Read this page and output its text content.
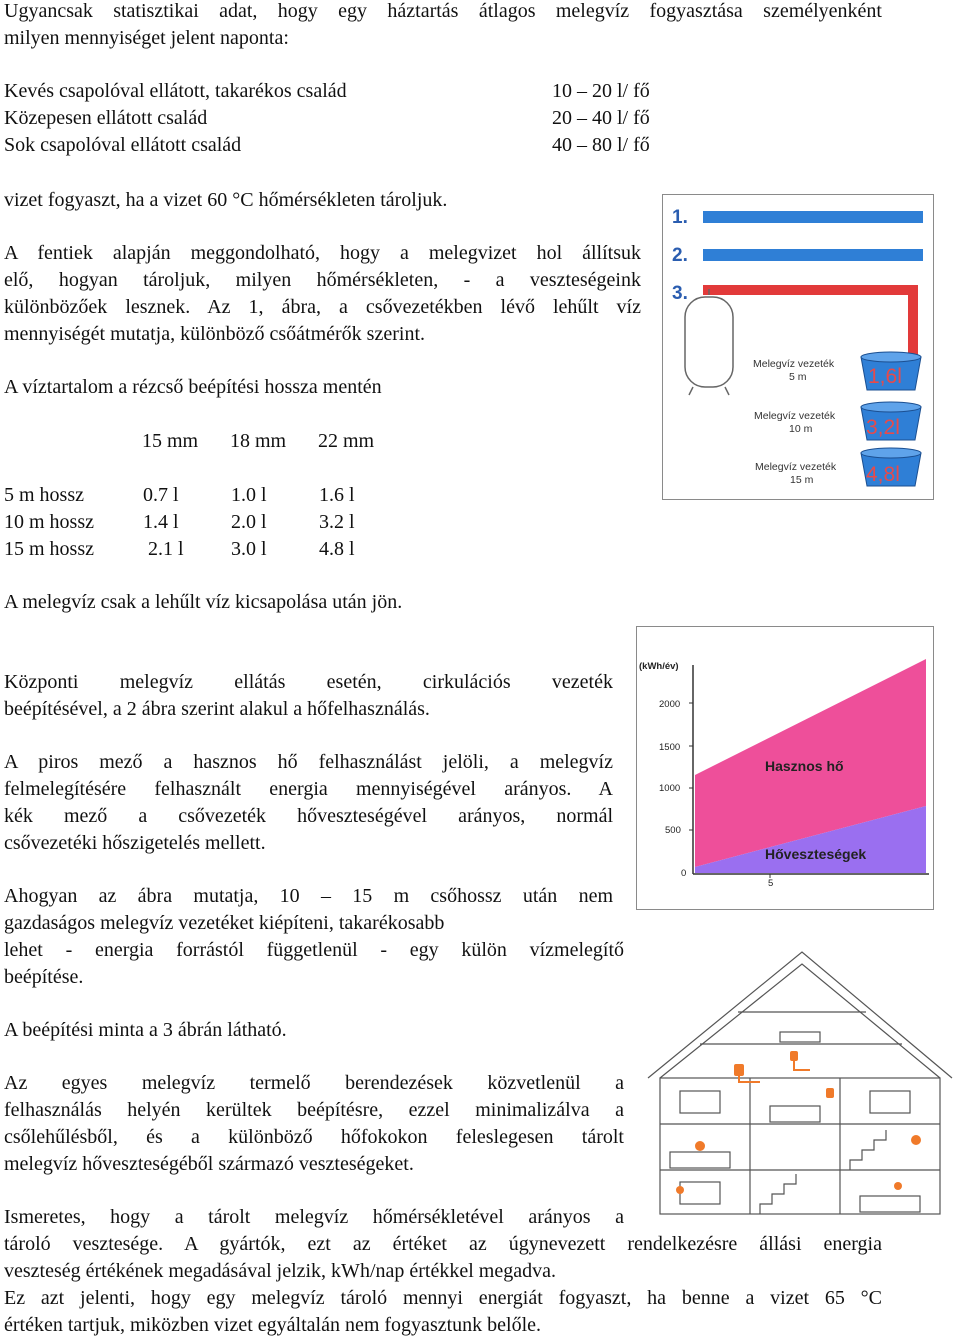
Ugyancsak statisztikai adat, hogy egy háztartás átlagos melegvíz fogyasztása személyenként
milyen mennyiséget jelent naponta:
Kevés csapolóval ellátott, takarékos család	10 – 20 l/ fő
Közepesen ellátott család	20 – 40 l/ fő
Sok csapolóval ellátott család	40 – 80 l/ fő
vizet fogyaszt, ha a vizet 60 °C hőmérsékleten tároljuk.
A fentiek alapján meggondolható, hogy a melegvizet hol állítsuk
elő, hogyan tároljuk, milyen hőmérsékleten, - a veszteségeink
különbözőek lesznek. Az 1, ábra, a csővezetékben lévő lehűlt víz
mennyiségét mutatja, különböző csőátmérők szerint.
A víztartalom a rézcső beépítési hossza mentén
15 mm 18 mm 22 mm
5 m hossz	0.7 l	1.0 l	1.6 l
10 m hossz 1.4 l	2.0 l	3.2 l
15 m hossz	2.1 l 3.0 l	4.8 l
A melegvíz csak a lehűlt víz kicsapolása után jön.
Központi melegvíz ellátás esetén, cirkulációs vezeték
beépítésével, a 2 ábra szerint alakul a hőfelhasználás.
A piros mező a hasznos hő felhasználást jelöli, a melegvíz
felmelegítésére felhasznált energia mennyiségével arányos. A
kék mező a csővezeték hőveszteségével arányos, normál
csővezetéki hőszigetelés mellett.
Ahogyan az ábra mutatja, 10 – 15 m csőhossz után nem
gazdaságos melegvíz vezetéket kiépíteni, takarékosabb
lehet - energia forrástól függetlenül - egy külön vízmelegítő
beépítése.
A beépítési minta a 3 ábrán látható.
Az egyes melegvíz termelő berendezések közvetlenül a
felhasználás helyén kerültek beépítésre, ezzel minimalizálva a
csőlehűlésből, és a különböző hőfokokon feleslegesen tárolt
melegvíz hőveszteségéből származó veszteségeket.
Ismeretes, hogy a tárolt melegvíz hőmérsékletével arányos a
tároló vesztesége. A gyártók, ezt az értéket az úgynevezett rendelkezésre állási energia
veszteség értékének megadásával jelzik, kWh/nap értékkel megadva.
Ez azt jelenti, hogy egy melegvíz tároló mennyi energiát fogyaszt, ha benne a vizet 65 °C
értéken tartjuk, miközben vizet egyáltalán nem fogyasztunk belőle.
1.
2.
3.
Melegvíz vezeték
5 m
Melegvíz vezeték
10 m
Melegvíz vezeték
15 m
1,6l
3,2l
4,8l
(kWh/év)
2000
1500
1000
500
0
5
Hasznos hő
Hőveszteségek
